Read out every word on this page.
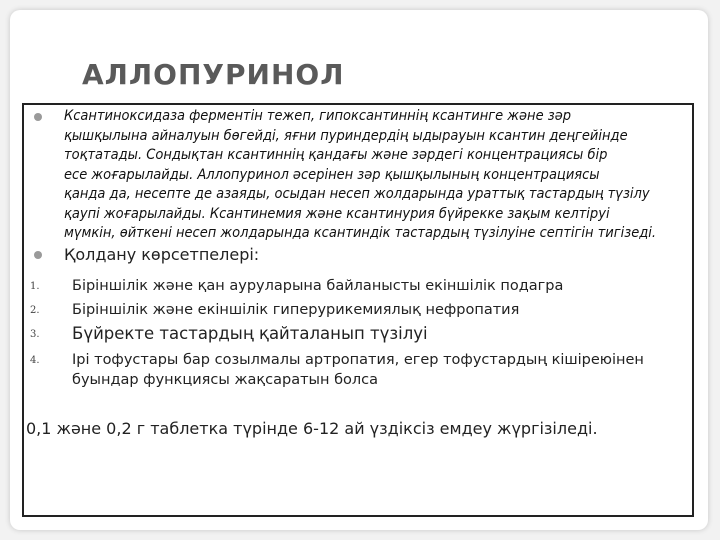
АЛЛОПУРИНОЛ
Ксантиноксидаза ферментін тежеп, гипоксантиннің ксантинге және зәр
қышқылына айналуын бөгейді, яғни пуриндердің ыдырауын ксантин деңгейінде
тоқтатады. Сондықтан ксантиннің қандағы және зәрдегі концентрациясы бір
есе жоғарылайды. Аллопуринол әсерінен зәр қышқылының концентрациясы
қанда да, несепте де азаяды, осыдан несеп жолдарында ураттық тастардың түзілу
қаупі жоғарылайды. Ксантинемия және ксантинурия бүйрекке зақым келтіруі
мүмкін, өйткені несеп жолдарында ксантиндік тастардың түзілуіне септігін тигізеді.
Қолдану көрсетпелері:
1. Біріншілік және қан ауруларына байланысты екіншілік подагра
2. Біріншілік және екіншілік гиперурикемиялық нефропатия
3. Бүйректе тастардың қайталанып түзілуі
4. Ірі тофустары бар созылмалы артропатия, егер тофустардың кішіреюінен
буындар функциясы жақсаратын болса
0,1 және 0,2 г таблетка түрінде 6-12 ай үздіксіз емдеу жүргізіледі.
